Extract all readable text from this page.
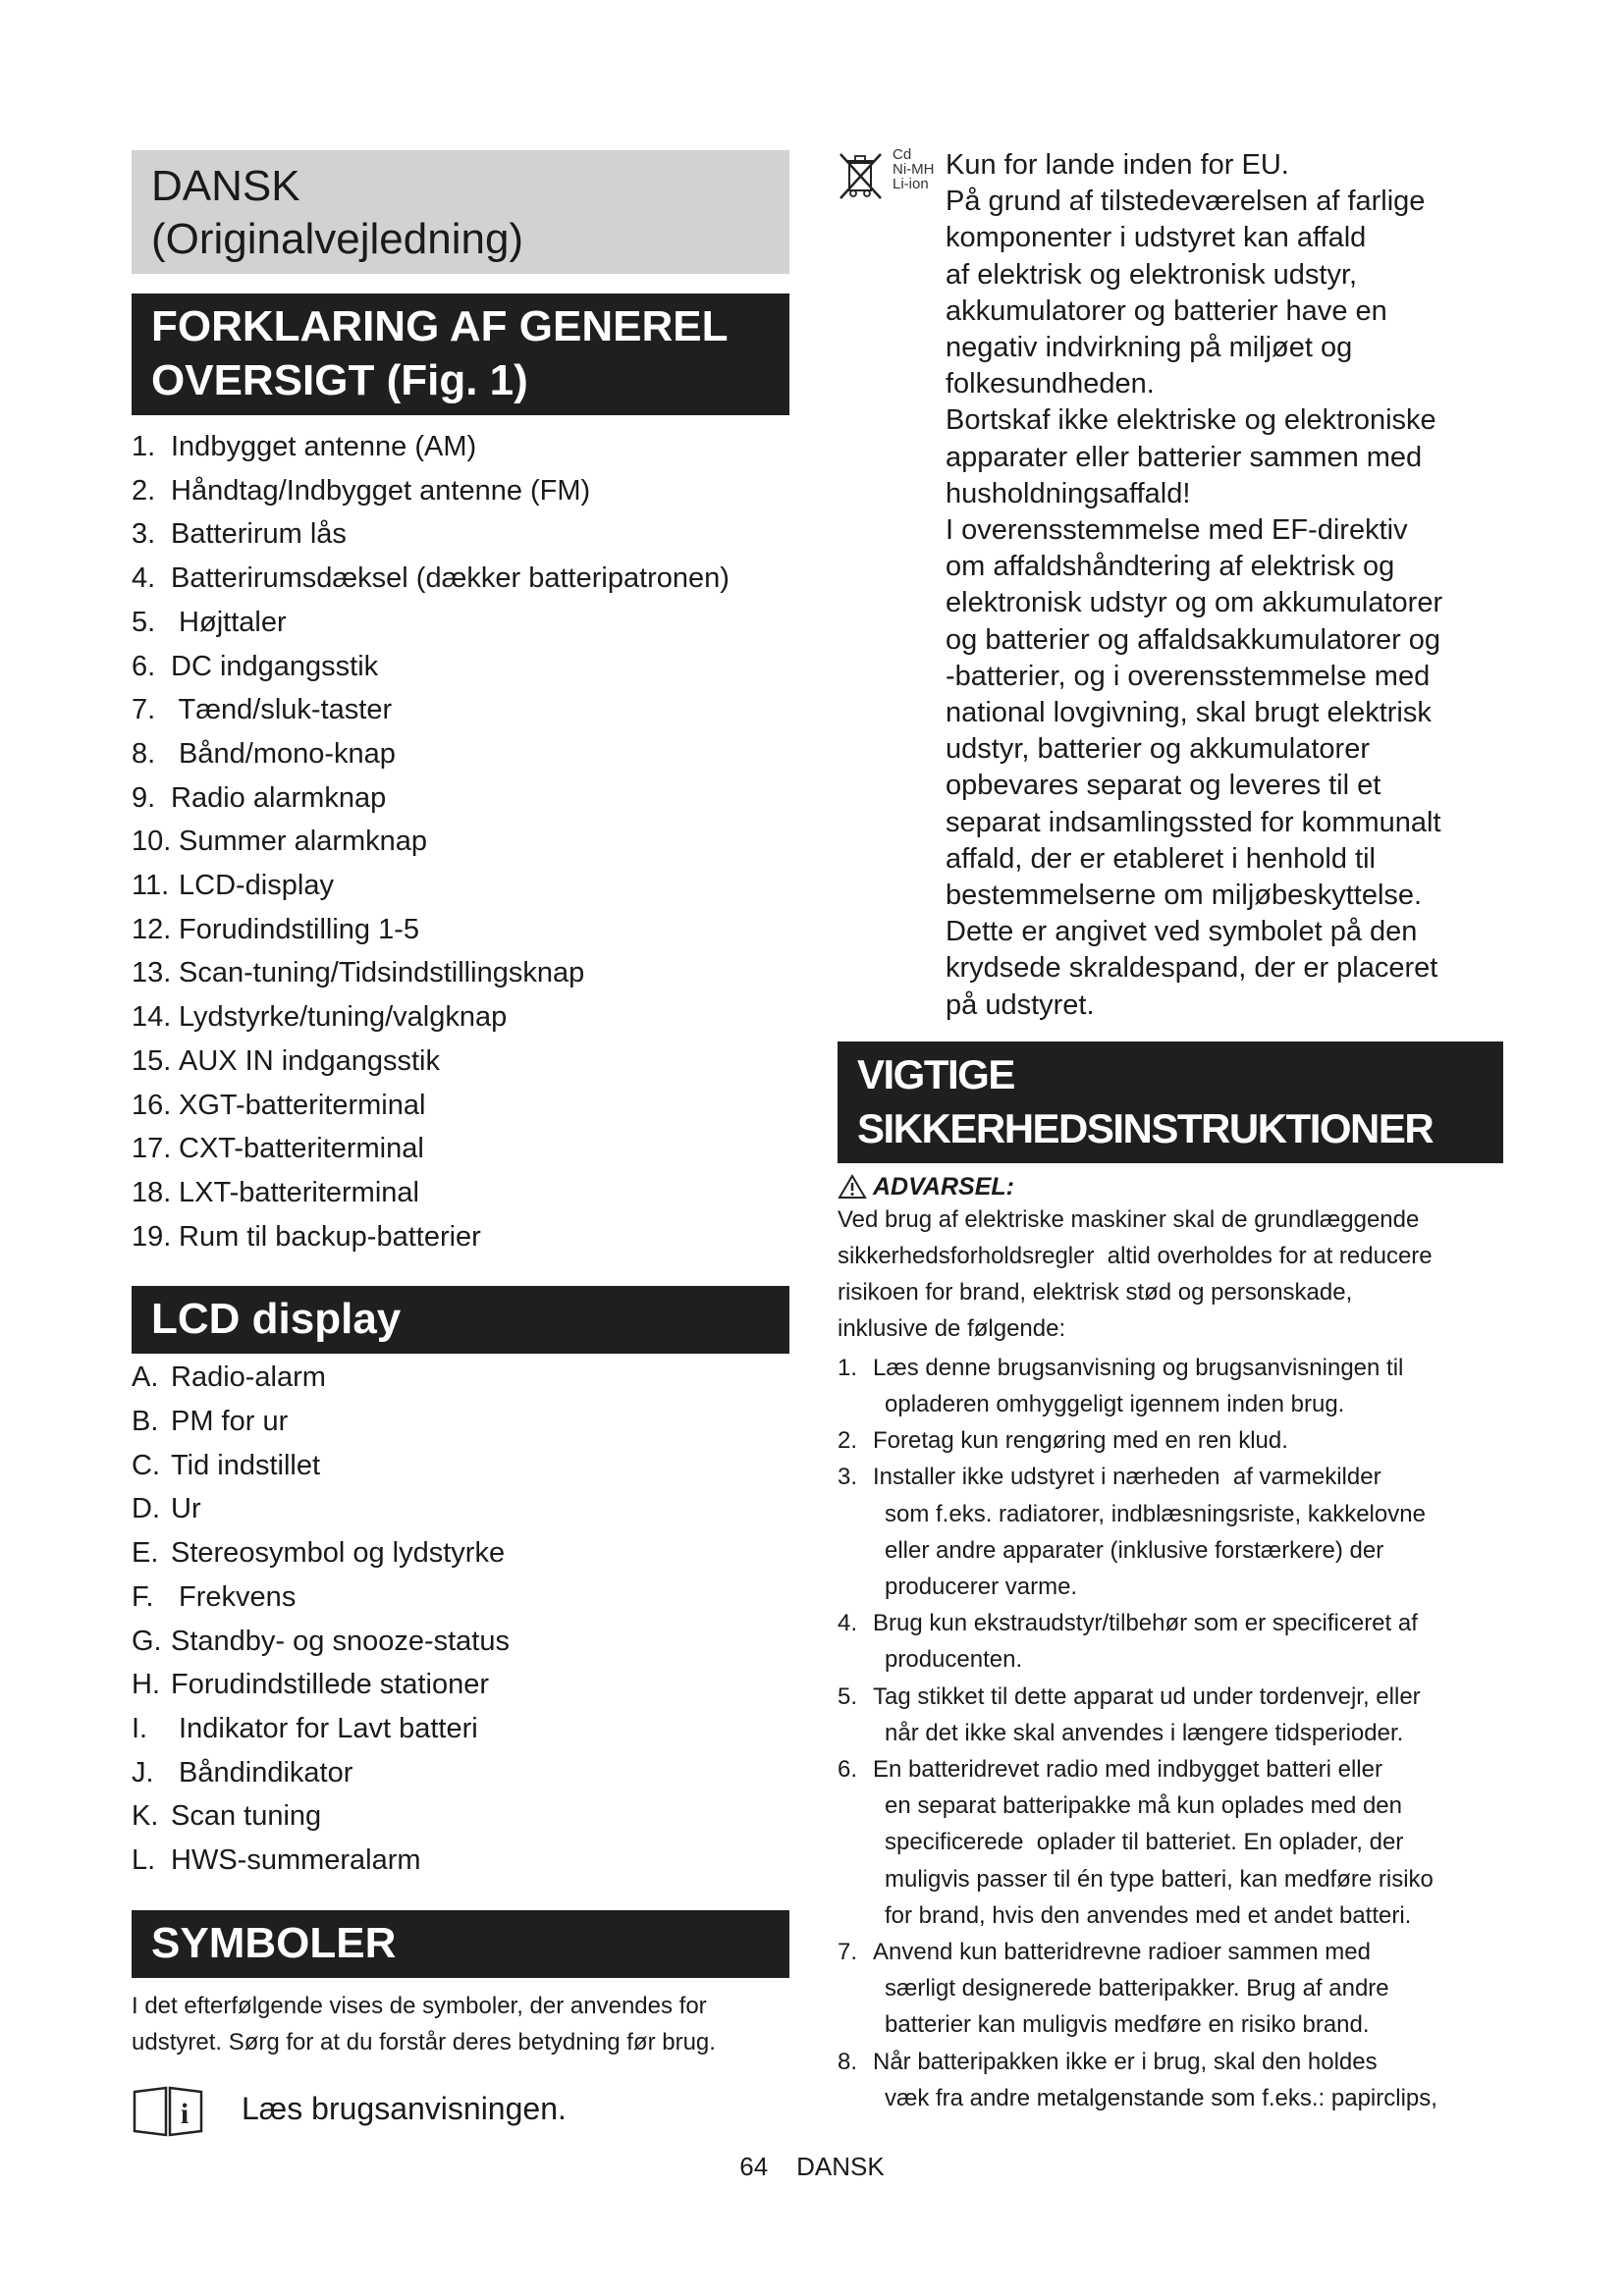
DANSK
(Originalvejledning)
FORKLARING AF GENEREL
OVERSIGT (Fig. 1)
1. Indbygget antenne (AM)
2. Håndtag/Indbygget antenne (FM)
3. Batterirum lås
4. Batterirumsdæksel (dækker batteripatronen)
5. Højttaler
6. DC indgangsstik
7. Tænd/sluk-taster
8. Bånd/mono-knap
9. Radio alarmknap
10. Summer alarmknap
11. LCD-display
12. Forudindstilling 1-5
13. Scan-tuning/Tidsindstillingsknap
14. Lydstyrke/tuning/valgknap
15. AUX IN indgangsstik
16. XGT-batteriterminal
17. CXT-batteriterminal
18. LXT-batteriterminal
19. Rum til backup-batterier
LCD display
A. Radio-alarm
B. PM for ur
C. Tid indstillet
D. Ur
E. Stereosymbol og lydstyrke
F. Frekvens
G. Standby- og snooze-status
H. Forudindstillede stationer
I. Indikator for Lavt batteri
J. Båndindikator
K. Scan tuning
L. HWS-summeralarm
SYMBOLER

I det efterfølgende vises de symboler, der anvendes for
udstyret. Sørg for at du forstår deres betydning før brug.

i Læs brugsanvisningen.
Cd
Ni-MH
Li-ion

Kun for lande inden for EU.

På grund af tilstedeværelsen af farlige

komponenter i udstyret kan affald

af elektrisk og elektronisk udstyr,

akkumulatorer og batterier have en

negativ indvirkning på miljøet og

folkesundheden.

Bortskaf ikke elektriske og elektroniske

apparater eller batterier sammen med

husholdningsaffald!

I overensstemmelse med EF-direktiv

om affaldshåndtering af elektrisk og

elektronisk udstyr og om akkumulatorer

og batterier og affaldsakkumulatorer og

-batterier, og i overensstemmelse med

national lovgivning, skal brugt elektrisk

udstyr, batterier og akkumulatorer

opbevares separat og leveres til et

separat indsamlingssted for kommunalt

affald, der er etableret i henhold til

bestemmelserne om miljøbeskyttelse.

Dette er angivet ved symbolet på den

krydsede skraldespand, der er placeret

på udstyret.

VIGTIGE
SIKKERHEDSINSTRUKTIONER
ADVARSEL:

Ved brug af elektriske maskiner skal de grundlæggende
sikkerhedsforholdsregler  altid overholdes for at reducere
risikoen for brand, elektrisk stød og personskade,
inklusive de følgende:

1. Læs denne brugsanvisning og brugsanvisningen til
opladeren omhyggeligt igennem inden brug.
2. Foretag kun rengøring med en ren klud.
3. Installer ikke udstyret i nærheden  af varmekilder
som f.eks. radiatorer, indblæsningsriste, kakkelovne
eller andre apparater (inklusive forstærkere) der
producerer varme.
4. Brug kun ekstraudstyr/tilbehør som er specificeret af
producenten.
5. Tag stikket til dette apparat ud under tordenvejr, eller
når det ikke skal anvendes i længere tidsperioder.
6. En batteridrevet radio med indbygget batteri eller
en separat batteripakke må kun oplades med den
specificerede  oplader til batteriet. En oplader, der
muligvis passer til én type batteri, kan medføre risiko
for brand, hvis den anvendes med et andet batteri.
7. Anvend kun batteridrevne radioer sammen med
særligt designerede batteripakker. Brug af andre
batterier kan muligvis medføre en risiko brand.
8. Når batteripakken ikke er i brug, skal den holdes
væk fra andre metalgenstande som f.eks.: papirclips,
64 DANSK
